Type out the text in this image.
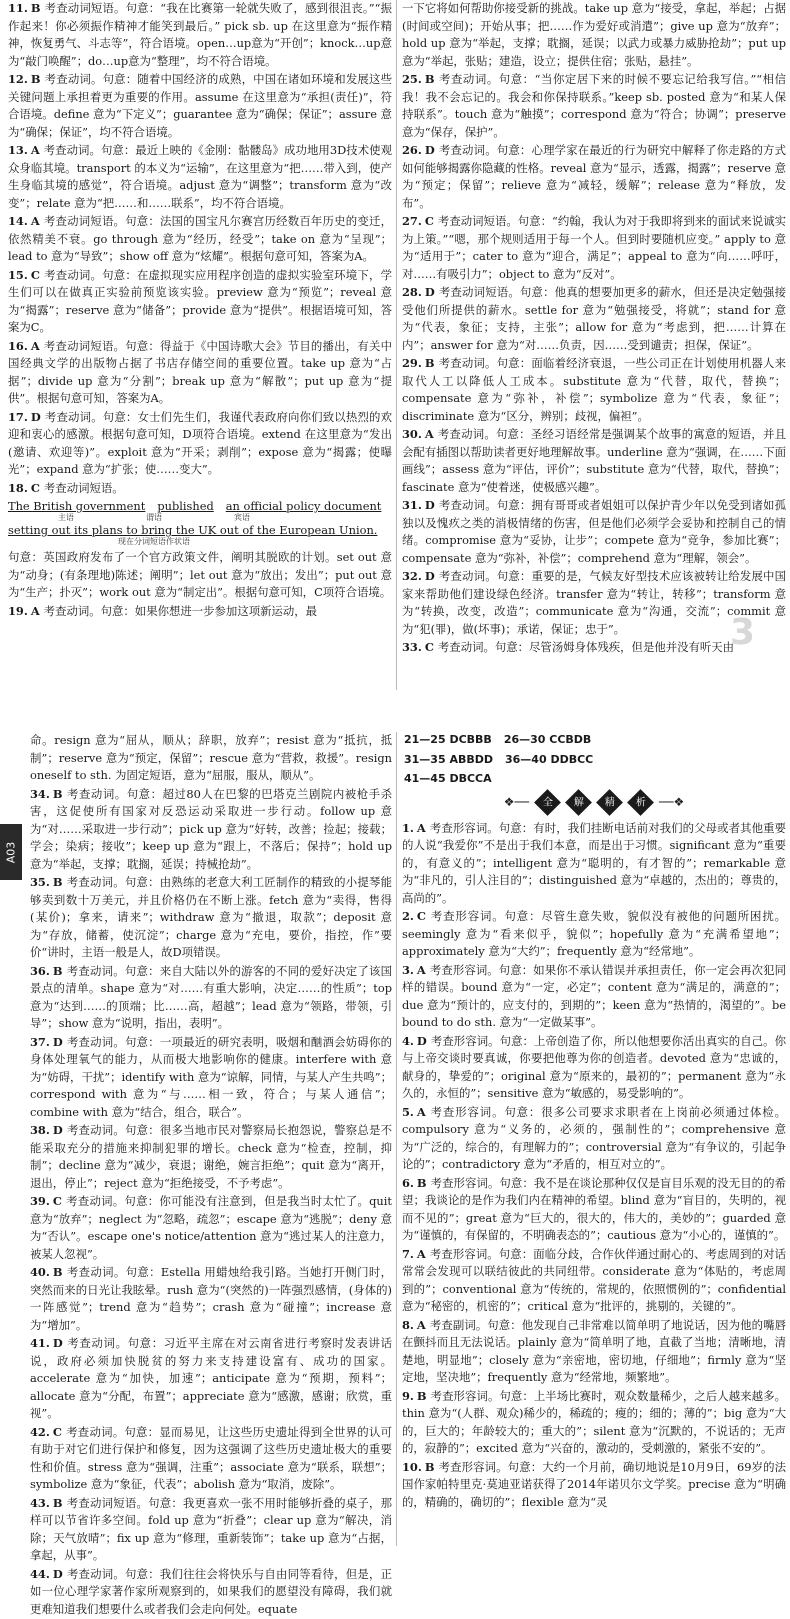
11. B 考查动词短语。句意：“我在比赛第一轮就失败了，感到很沮丧。”“振作起来！你必须振作精神才能笑到最后。” pick sb. up 在这里意为“振作精神，恢复勇气、斗志等”，符合语境。open…up意为“开创”；knock…up意为“敲门唤醒”；do…up意为“整理”，均不符合语境。

12. B 考查动词。句意：随着中国经济的成熟，中国在诸如环境和发展这些关键问题上承担着更为重要的作用。assume 在这里意为“承担(责任)”，符合语境。define 意为“下定义”；guarantee 意为“确保；保证”；assure 意为“确保；保证”，均不符合语境。

13. A 考查动词。句意：最近上映的《金刚：骷髅岛》成功地用3D技术使观众身临其境。transport 的本义为“运输”，在这里意为“把……带入到，使产生身临其境的感觉”，符合语境。adjust 意为“调整”；transform 意为“改变”；relate 意为“把……和……联系”，均不符合语境。

14. A 考查动词短语。句意：法国的国宝凡尔赛宫历经数百年历史的变迁，依然精美不衰。go through 意为“经历，经受”；take on 意为“呈现”；lead to 意为“导致”；show off 意为“炫耀”。根据句意可知，答案为A。

15. C 考查动词。句意：在虚拟现实应用程序创造的虚拟实验室环境下，学生们可以在做真正实验前预览该实验。preview 意为“预览”；reveal 意为“揭露”；reserve 意为“储备”；provide 意为“提供”。根据语境可知，答案为C。

16. A 考查动词短语。句意：得益于《中国诗歌大会》节目的播出，有关中国经典文学的出版物占据了书店存储空间的重要位置。take up 意为“占据”；divide up 意为“分割”；break up 意为“解散”；put up 意为“提供”。根据句意可知，答案为A。

17. D 考查动词。句意：女士们先生们，我谨代表政府向你们致以热烈的欢迎和衷心的感激。根据句意可知，D项符合语境。extend 在这里意为“发出(邀请、欢迎等)”。exploit 意为“开采；剥削”；expose 意为“揭露；使曝光”；expand 意为“扩张；使……变大”。

18. C 考查动词短语。

The British government published an official policy document
主语	谓语	宾语
setting out its plans to bring the UK out of the European Union.
现在分词短语作状语

句意：英国政府发布了一个官方政策文件，阐明其脱欧的计划。set out 意为“动身；(有条理地)陈述；阐明”；let out 意为“放出；发出”；put out 意为“生产；扑灭”；work out 意为“制定出”。根据句意可知，C项符合语境。

19. A 考查动词。句意：如果你想进一步参加这项新运动，最

一下它将如何帮助你接受新的挑战。take up 意为“接受，拿起，举起；占据(时间或空间)；开始从事；把……作为爱好或消遣”；give up 意为“放弃”；hold up 意为“举起，支撑；耽搁，延误；以武力或暴力威胁抢劫”；put up 意为“举起，张贴；建造，设立；提供住宿；张贴，悬挂”。

25. B 考查动词。句意：“当你定居下来的时候不要忘记给我写信。”“相信我！我不会忘记的。我会和你保持联系。”keep sb. posted 意为“和某人保持联系”。touch 意为“触摸”；correspond 意为“符合；协调”；preserve 意为“保存，保护”。

26. D 考查动词。句意：心理学家在最近的行为研究中解释了你走路的方式如何能够揭露你隐藏的性格。reveal 意为“显示，透露，揭露”；reserve 意为“预定；保留”；relieve 意为“减轻，缓解”；release 意为“释放，发布”。

27. C 考查动词短语。句意：“约翰，我认为对于我即将到来的面试来说诚实为上策。”“嗯，那个规则适用于每一个人。但到时要随机应变。” apply to 意为“适用于”；cater to 意为“迎合，满足”；appeal to 意为“向……呼吁，对……有吸引力”；object to 意为“反对”。

28. D 考查动词短语。句意：他真的想要加更多的薪水，但还是决定勉强接受他们所提供的薪水。settle for 意为“勉强接受，将就”；stand for 意为“代表，象征；支持，主张”；allow for 意为“考虑到，把……计算在内”；answer for 意为“对……负责，因……受到谴责；担保，保证”。

29. B 考查动词。句意：面临着经济衰退，一些公司正在计划使用机器人来取代人工以降低人工成本。substitute 意为“代替，取代，替换”；compensate 意为“弥补，补偿”；symbolize 意为“代表，象征”；discriminate 意为“区分，辨别；歧视，偏袒”。

30. A 考查动词。句意：圣经习语经常是强调某个故事的寓意的短语，并且会配有插图以帮助读者更好地理解故事。underline 意为“强调，在……下面画线”；assess 意为“评估，评价”；substitute 意为“代替，取代，替换”；fascinate 意为“使着迷，使极感兴趣”。

31. D 考查动词。句意：拥有哥哥或者姐姐可以保护青少年以免受到诸如孤独以及愧疚之类的消极情绪的伤害，但是他们必须学会妥协和控制自己的情绪。compromise 意为“妥协，让步”；compete 意为“竞争，参加比赛”；compensate 意为“弥补，补偿”；comprehend 意为“理解，领会”。

32. D 考查动词。句意：重要的是，气候友好型技术应该被转让给发展中国家来帮助他们建设绿色经济。transfer 意为“转让，转移”；transform 意为“转换，改变，改造”；communicate 意为“沟通，交流”；commit 意为“犯(罪)，做(坏事)；承诺，保证；忠于”。

33. C 考查动词。句意：尽管汤姆身体残疾，但是他并没有听天由

3
A03

命。resign 意为“屈从，顺从；辞职，放弃”；resist 意为“抵抗，抵制”；reserve 意为“预定，保留”；rescue 意为“营救，救援”。resign oneself to sth. 为固定短语，意为“屈服，服从，顺从”。

34. B 考查动词。句意：超过80人在巴黎的巴塔克兰剧院内被枪手杀害，这促使所有国家对反恐运动采取进一步行动。follow up 意为“对……采取进一步行动”；pick up 意为“好转，改善；捡起；接载；学会；染病；接收”；keep up 意为“跟上，不落后；保持”；hold up 意为“举起，支撑；耽搁，延误；持械抢劫”。

35. B 考查动词。句意：由熟练的老意大利工匠制作的精致的小提琴能够卖到数十万美元，并且价格仍在不断上涨。fetch 意为“卖得，售得(某价)；拿来，请来”；withdraw 意为“撤退，取款”；deposit 意为“存放，储蓄，使沉淀”；charge 意为“充电，要价，指控，作”要价“讲时，主语一般是人，故D项错误。

36. B 考查动词。句意：来自大陆以外的游客的不同的爱好决定了该国景点的清单。shape 意为“对……有重大影响，决定……的性质”；top 意为“达到……的顶端；比……高，超越”；lead 意为“领路，带领，引导”；show 意为“说明，指出，表明”。

37. D 考查动词。句意：一项最近的研究表明，吸烟和酗酒会妨碍你的身体处理氧气的能力，从而极大地影响你的健康。interfere with 意为“妨碍，干扰”；identify with 意为“谅解，同情，与某人产生共鸣”；correspond with 意为“与……相一致，符合；与某人通信”；combine with 意为“结合，组合，联合”。

38. D 考查动词。句意：很多当地市民对警察局长抱怨说，警察总是不能采取充分的措施来抑制犯罪的增长。check 意为“检查，控制，抑制”；decline 意为“减少，衰退；谢绝，婉言拒绝”；quit 意为“离开，退出，停止”；reject 意为“拒绝接受，不予考虑”。

39. C 考查动词。句意：你可能没有注意到，但是我当时太忙了。quit 意为“放弃”；neglect 为“忽略，疏忽”；escape 意为“逃脱”；deny 意为“否认”。escape one's notice/attention 意为“逃过某人的注意力，被某人忽视”。

40. B 考查动词。句意：Estella 用蜡烛给我引路。当她打开侧门时，突然而来的日光让我眩晕。rush 意为“(突然的)一阵强烈感情，(身体的)一阵感觉”；trend 意为“趋势”；crash 意为“碰撞”；increase 意为“增加”。

41. D 考查动词。句意：习近平主席在对云南省进行考察时发表讲话说，政府必须加快脱贫的努力来支持建设富有、成功的国家。accelerate 意为“加快，加速”；anticipate 意为“预期，预料”；allocate 意为“分配，布置”；appreciate 意为“感激，感谢；欣赏，重视”。

42. C 考查动词。句意：显而易见，让这些历史遗址得到全世界的认可有助于对它们进行保护和修复，因为这强调了这些历史遗址极大的重要性和价值。stress 意为“强调，注重”；associate 意为“联系，联想”；symbolize 意为“象征，代表”；abolish 意为“取消，废除”。

43. B 考查动词短语。句意：我更喜欢一张不用时能够折叠的桌子，那样可以节省许多空间。fold up 意为“折叠”；clear up 意为“解决，消除；天气放晴”；fix up 意为“修理，重新装饰”；take up 意为“占据，拿起，从事”。

44. D 考查动词。句意：我们往往会将快乐与自由同等看待，但是，正如一位心理学家著作家所观察到的，如果我们的愿望没有障碍，我们就更难知道我们想要什么或者我们会走向何处。equate

21—25 DCBBB 26—30 CCBDB
31—35 ABBDD 36—40 DDBCC
41—45 DBCCA
❖──	全	解	精	析	──❖

1. A 考查形容词。句意：有时，我们挂断电话前对我们的父母或者其他重要的人说“我爱你”不是出于我们本意，而是出于习惯。significant 意为“重要的，有意义的”；intelligent 意为“聪明的，有才智的”；remarkable 意为“非凡的，引人注目的”；distinguished 意为“卓越的，杰出的；尊贵的，高尚的”。

2. C 考查形容词。句意：尽管生意失败，貌似没有被他的问题所困扰。seemingly 意为“看来似乎，貌似”；hopefully 意为“充满希望地”；approximately 意为“大约”；frequently 意为“经常地”。

3. A 考查形容词。句意：如果你不承认错误并承担责任，你一定会再次犯同样的错误。bound 意为“一定，必定”；content 意为“满足的，满意的”；due 意为“预计的，应支付的，到期的”；keen 意为“热情的，渴望的”。be bound to do sth. 意为“一定做某事”。

4. D 考查形容词。句意：上帝创造了你，所以他想要你活出真实的自己。你与上帝交谈时要真诚，你要把他尊为你的创造者。devoted 意为“忠诚的，献身的，挚爱的”；original 意为“原来的，最初的”；permanent 意为“永久的，永恒的”；sensitive 意为“敏感的，易受影响的”。

5. A 考查形容词。句意：很多公司要求求职者在上岗前必须通过体检。compulsory 意为“义务的，必须的，强制性的”；comprehensive 意为“广泛的，综合的，有理解力的”；controversial 意为“有争议的，引起争论的”；contradictory 意为“矛盾的，相互对立的”。

6. B 考查形容词。句意：我不是在谈论那种仅仅是盲目乐观的没无目的的希望；我谈论的是作为我们内在精神的希望。blind 意为“盲目的，失明的，视而不见的”；great 意为“巨大的，很大的，伟大的，美妙的”；guarded 意为“谨慎的，有保留的，不明确表态的”；cautious 意为“小心的，谨慎的”。

7. A 考查形容词。句意：面临分歧，合作伙伴通过耐心的、考虑周到的对话常常会发现可以联结彼此的共同纽带。considerate 意为“体贴的，考虑周到的”；conventional 意为“传统的，常规的，依照惯例的”；confidential 意为“秘密的，机密的”；critical 意为“批评的，挑剔的，关键的”。

8. A 考查副词。句意：他发现自己非常难以简单明了地说话，因为他的嘴唇在颤抖而且无法说话。plainly 意为“简单明了地，直截了当地；清晰地，清楚地，明显地”；closely 意为“亲密地，密切地，仔细地”；firmly 意为“坚定地，坚决地”；frequently 意为“经常地，频繁地”。

9. B 考查形容词。句意：上半场比赛时，观众数量稀少，之后人越来越多。thin 意为“(人群、观众)稀少的，稀疏的；瘦的；细的；薄的”；big 意为“大的，巨大的；年龄较大的；重大的”；silent 意为“沉默的，不说话的；无声的，寂静的”；excited 意为“兴奋的，激动的，受刺激的，紧张不安的”。

10. B 考查形容词。句意：大约一个月前，确切地说是10月9日，69岁的法国作家帕特里克·莫迪亚诺获得了2014年诺贝尔文学奖。precise 意为“明确的，精确的，确切的”；flexible 意为“灵
